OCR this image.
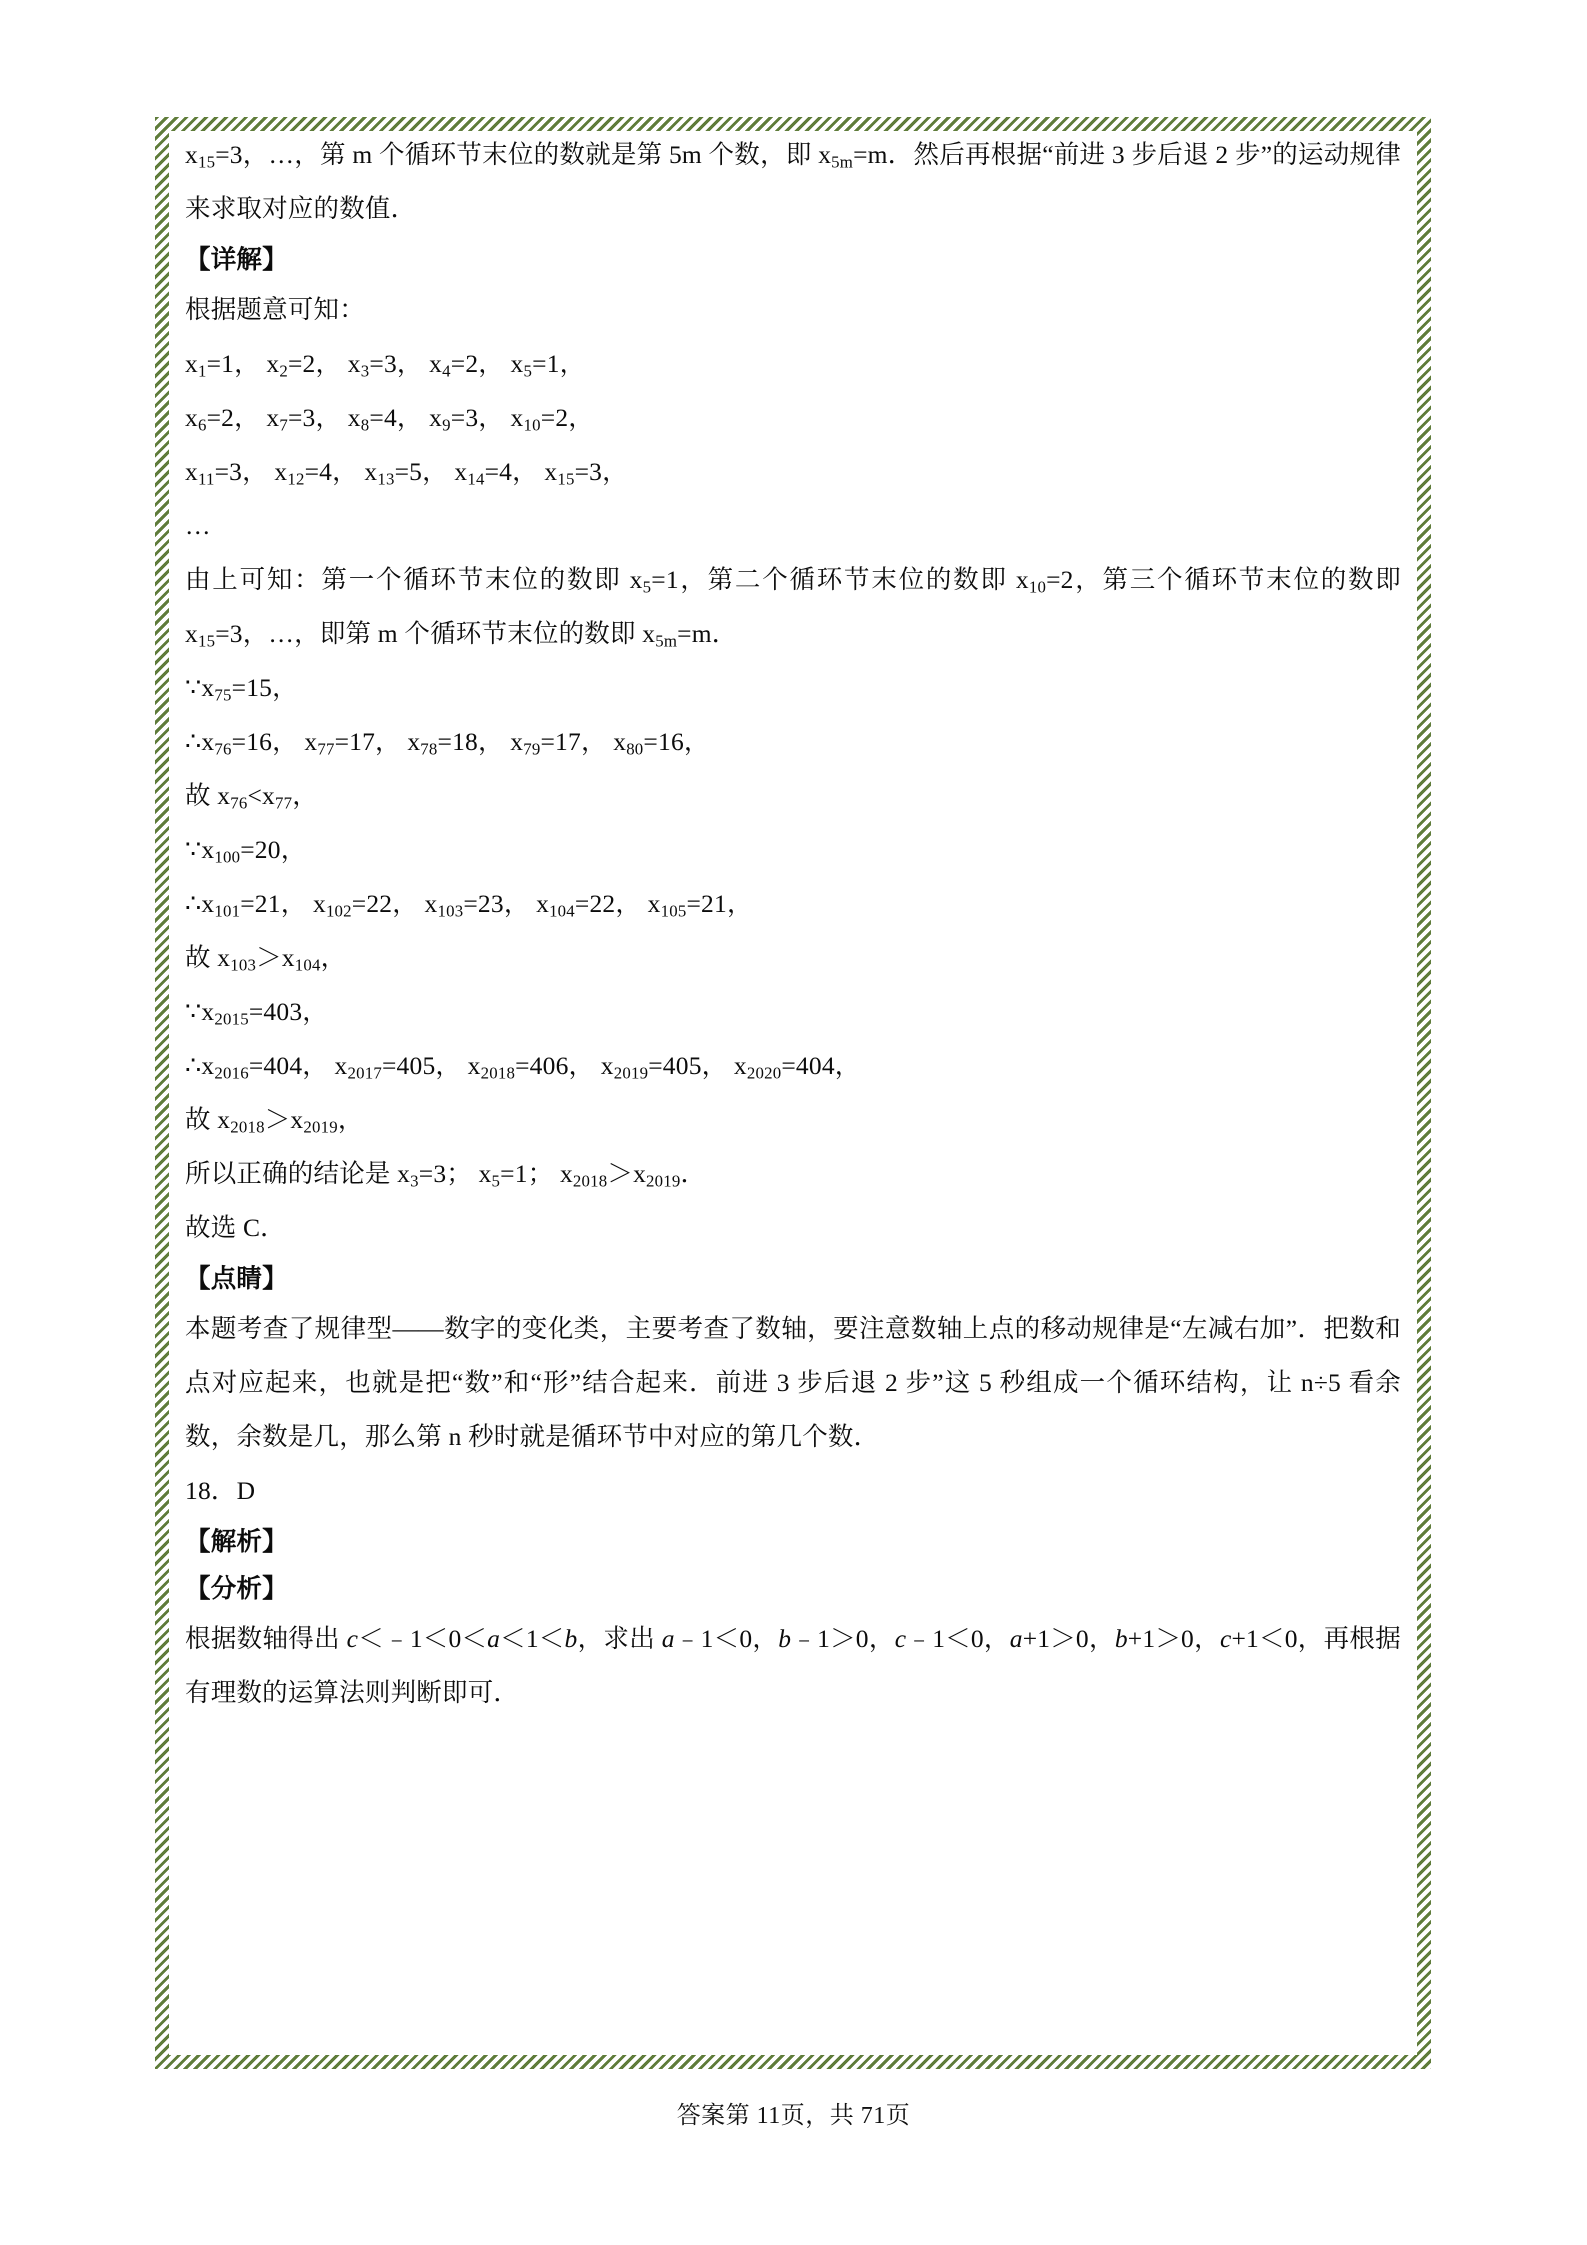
$x_{15}=3$，…，第 m 个循环节末位的数就是第 5m 个数，即 $x_{5m}=m$．然后再根据“前进 3 步后退 2 步”的运动规律来求取对应的数值．
【详解】
根据题意可知：
$x_1=1$， $x_2=2$， $x_3=3$， $x_4=2$， $x_5=1$，
$x_6=2$， $x_7=3$， $x_8=4$， $x_9=3$， $x_{10}=2$，
$x_{11}=3$， $x_{12}=4$， $x_{13}=5$， $x_{14}=4$， $x_{15}=3$，
…
由上可知：第一个循环节末位的数即 $x_5=1$，第二个循环节末位的数即 $x_{10}=2$，第三个循环节末位的数即 $x_{15}=3$，…，即第 m 个循环节末位的数即 $x_{5m}=m$．
$\because x_{75}=15$，
$\therefore x_{76}=16$， $x_{77}=17$， $x_{78}=18$， $x_{79}=17$， $x_{80}=16$，
故 $x_{76}<x_{77}$，
$\because x_{100}=20$，
$\therefore x_{101}=21$， $x_{102}=22$， $x_{103}=23$， $x_{104}=22$， $x_{105}=21$，
故 $x_{103}>x_{104}$，
$\because x_{2015}=403$，
$\therefore x_{2016}=404$， $x_{2017}=405$， $x_{2018}=406$， $x_{2019}=405$， $x_{2020}=404$，
故 $x_{2018}>x_{2019}$，
所以正确的结论是 $x_3=3$； $x_5=1$； $x_{2018}>x_{2019}$．
故选 C．
【点睛】
本题考查了规律型——数字的变化类，主要考查了数轴，要注意数轴上点的移动规律是“左减右加”．把数和点对应起来，也就是把“数”和“形”结合起来．前进 3 步后退 2 步”这 5 秒组成一个循环结构，让 n÷5 看余数，余数是几，那么第 n 秒时就是循环节中对应的第几个数．
18．D
【解析】
【分析】
根据数轴得出 c＜﹣1＜0＜a＜1＜b，求出 a﹣1＜0，b﹣1＞0，c﹣1＜0，a+1＞0，b+1＞0，c+1＜0，再根据有理数的运算法则判断即可．
答案第 11页，共 71页
